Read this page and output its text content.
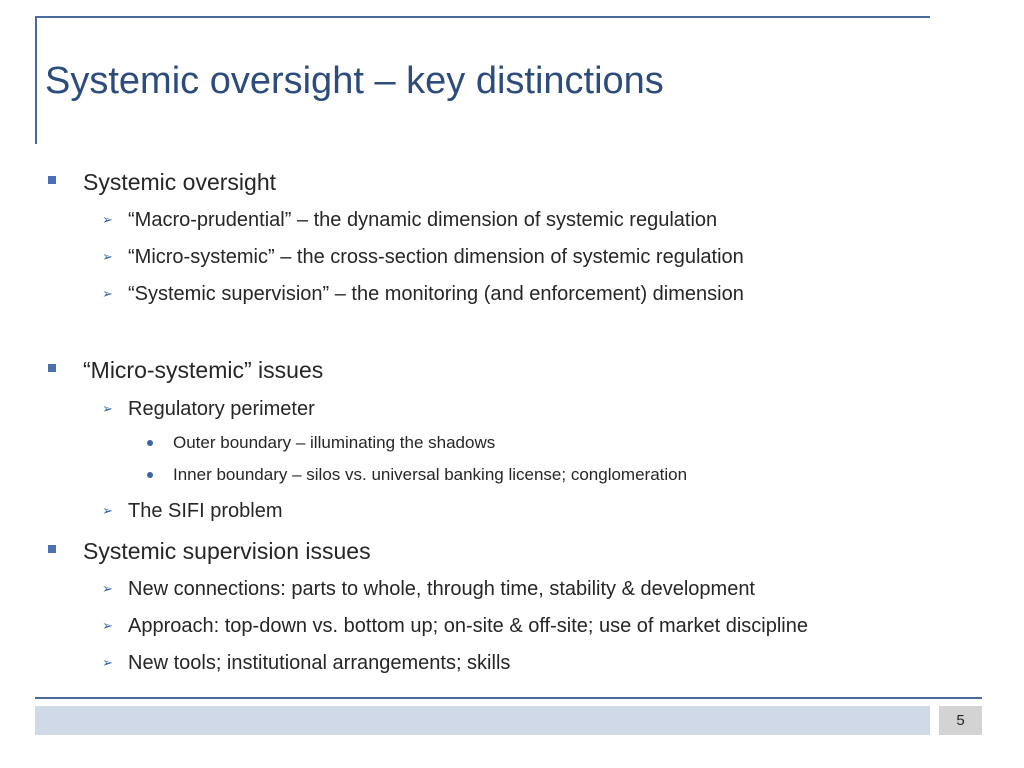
Systemic oversight – key distinctions
Systemic oversight
➢ “Macro-prudential” – the dynamic dimension of systemic regulation
➢ “Micro-systemic” – the cross-section dimension of systemic regulation
➢ “Systemic supervision” – the monitoring (and enforcement) dimension
“Micro-systemic” issues
➢ Regulatory perimeter
Outer boundary – illuminating the shadows
Inner boundary – silos vs. universal banking license; conglomeration
➢ The SIFI problem
Systemic supervision issues
➢ New connections: parts to whole, through time, stability & development
➢ Approach: top-down vs. bottom up; on-site & off-site; use of market discipline
➢ New tools; institutional arrangements; skills
5
